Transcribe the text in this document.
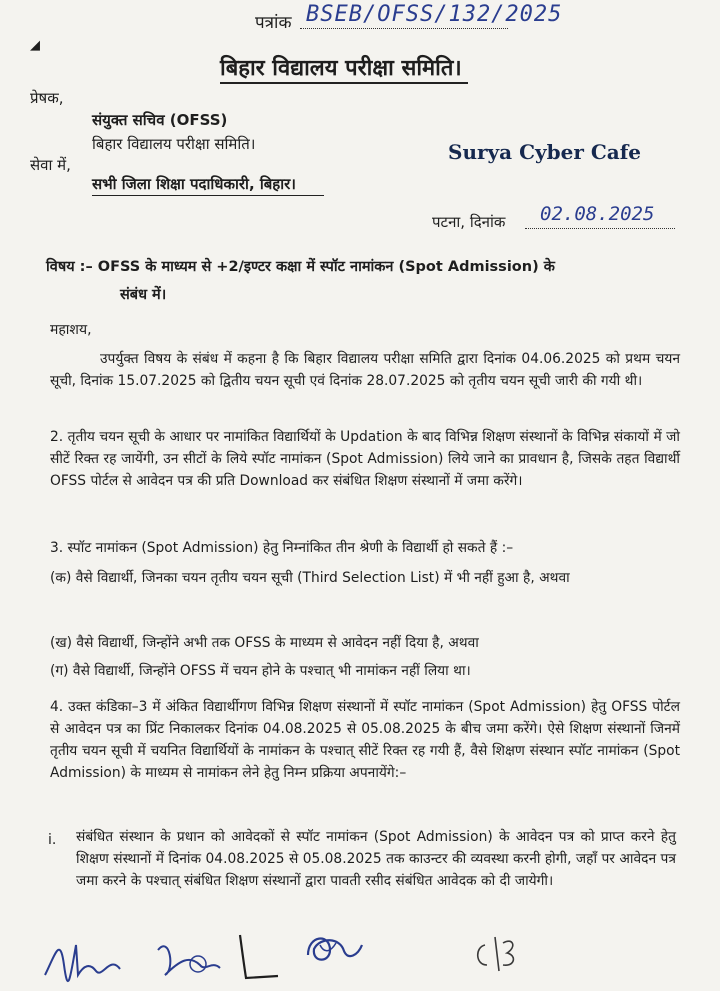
◢
पत्रांक BSEB/OFSS/132/2025
बिहार विद्यालय परीक्षा समिति।
प्रेषक,
संयुक्त सचिव (OFSS)
बिहार विद्यालय परीक्षा समिति।
सेवा में,
सभी जिला शिक्षा पदाधिकारी, बिहार।
Surya Cyber Cafe
पटना, दिनांक 02.08.2025
विषय :– OFSS के माध्यम से +2/इण्टर कक्षा में स्पॉट नामांकन (Spot Admission) के
संबंध में।
महाशय,
उपर्युक्त विषय के संबंध में कहना है कि बिहार विद्यालय परीक्षा समिति द्वारा दिनांक 04.06.2025 को प्रथम चयन सूची, दिनांक 15.07.2025 को द्वितीय चयन सूची एवं दिनांक 28.07.2025 को तृतीय चयन सूची जारी की गयी थी।
2. तृतीय चयन सूची के आधार पर नामांकित विद्यार्थियों के Updation के बाद विभिन्न शिक्षण संस्थानों के विभिन्न संकायों में जो सीटें रिक्त रह जायेंगी, उन सीटों के लिये स्पॉट नामांकन (Spot Admission) लिये जाने का प्रावधान है, जिसके तहत विद्यार्थी OFSS पोर्टल से आवेदन पत्र की प्रति Download कर संबंधित शिक्षण संस्थानों में जमा करेंगे।
3. स्पॉट नामांकन (Spot Admission) हेतु निम्नांकित तीन श्रेणी के विद्यार्थी हो सकते हैं :–
(क) वैसे विद्यार्थी, जिनका चयन तृतीय चयन सूची (Third Selection List) में भी नहीं हुआ है, अथवा
(ख) वैसे विद्यार्थी, जिन्होंने अभी तक OFSS के माध्यम से आवेदन नहीं दिया है, अथवा
(ग) वैसे विद्यार्थी, जिन्होंने OFSS में चयन होने के पश्चात् भी नामांकन नहीं लिया था।
4. उक्त कंडिका–3 में अंकित विद्यार्थीगण विभिन्न शिक्षण संस्थानों में स्पॉट नामांकन (Spot Admission) हेतु OFSS पोर्टल से आवेदन पत्र का प्रिंट निकालकर दिनांक 04.08.2025 से 05.08.2025 के बीच जमा करेंगे। ऐसे शिक्षण संस्थानों जिनमें तृतीय चयन सूची में चयनित विद्यार्थियों के नामांकन के पश्चात् सीटें रिक्त रह गयी हैं, वैसे शिक्षण संस्थान स्पॉट नामांकन (Spot Admission) के माध्यम से नामांकन लेने हेतु निम्न प्रक्रिया अपनायेंगे:–
i. संबंधित संस्थान के प्रधान को आवेदकों से स्पॉट नामांकन (Spot Admission) के आवेदन पत्र को प्राप्त करने हेतु शिक्षण संस्थानों में दिनांक 04.08.2025 से 05.08.2025 तक काउन्टर की व्यवस्था करनी होगी, जहाँ पर आवेदन पत्र जमा करने के पश्चात् संबंधित शिक्षण संस्थानों द्वारा पावती रसीद संबंधित आवेदक को दी जायेगी।
